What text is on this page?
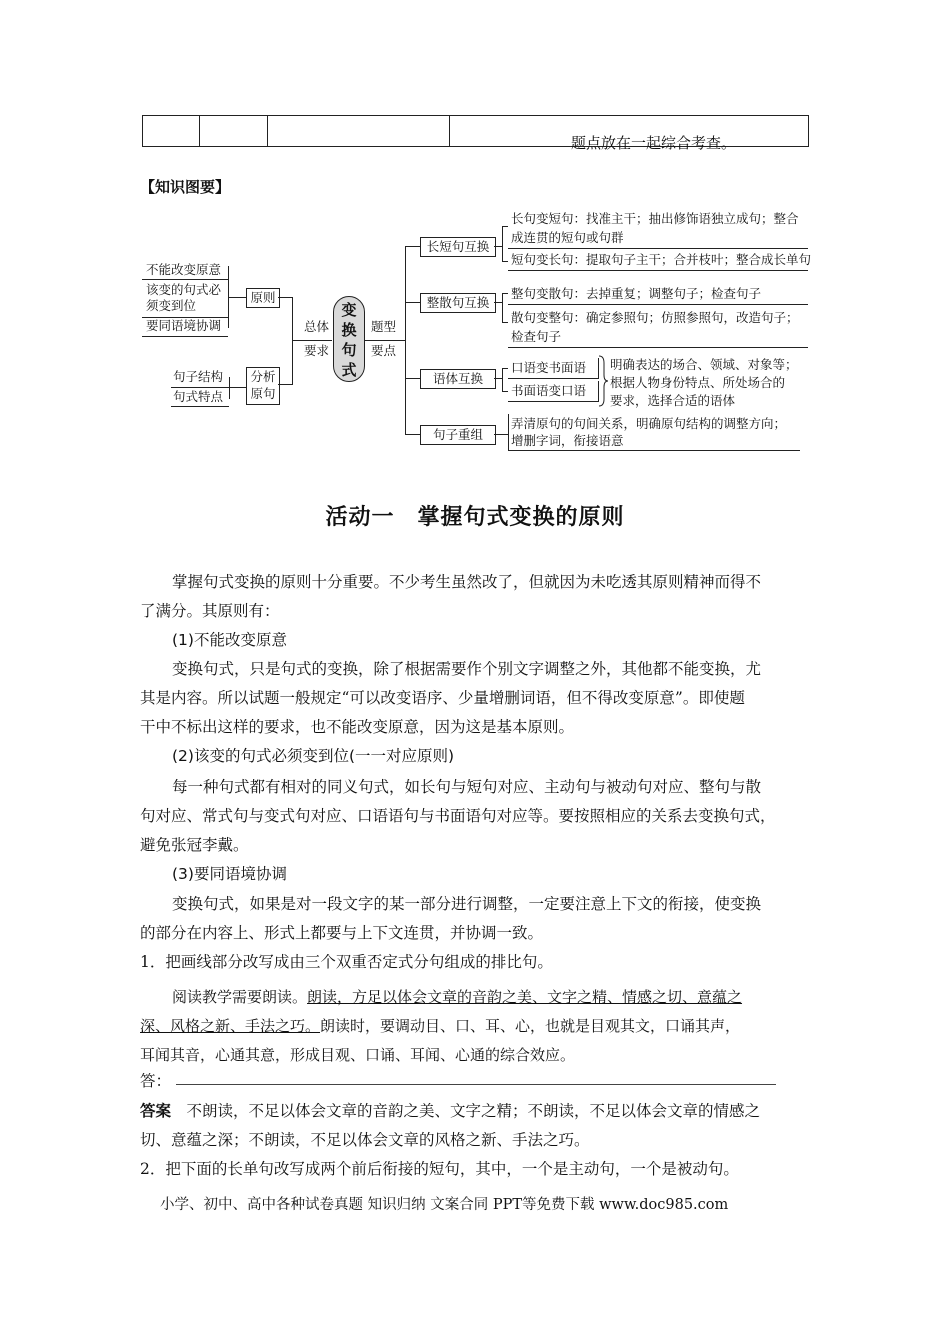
题点放在一起综合考查。
【知识图要】
不能改变原意
该变的句式必
须变到位
要同语境协调
原则
句子结构
句式特点
分析
原句
总体
要求
变
换
句
式
题型
要点
长短句互换
整散句互换
语体互换
句子重组
长句变短句：找准主干；抽出修饰语独立成句；整合
成连贯的短句或句群
短句变长句：提取句子主干；合并枝叶；整合成长单句
整句变散句：去掉重复；调整句子；检查句子
散句变整句：确定参照句；仿照参照句，改造句子；
检查句子
口语变书面语
书面语变口语
明确表达的场合、领域、对象等；
根据人物身份特点、所处场合的
要求，选择合适的语体
弄清原句的句间关系，明确原句结构的调整方向；
增删字词，衔接语意
活动一　掌握句式变换的原则
掌握句式变换的原则十分重要。不少考生虽然改了，但就因为未吃透其原则精神而得不
了满分。其原则有：
(1)不能改变原意
变换句式，只是句式的变换，除了根据需要作个别文字调整之外，其他都不能变换，尤
其是内容。所以试题一般规定“可以改变语序、少量增删词语，但不得改变原意”。即使题
干中不标出这样的要求，也不能改变原意，因为这是基本原则。
(2)该变的句式必须变到位(一一对应原则)
每一种句式都有相对的同义句式，如长句与短句对应、主动句与被动句对应、整句与散
句对应、常式句与变式句对应、口语语句与书面语句对应等。要按照相应的关系去变换句式，
避免张冠李戴。
(3)要同语境协调
变换句式，如果是对一段文字的某一部分进行调整，一定要注意上下文的衔接，使变换
的部分在内容上、形式上都要与上下文连贯，并协调一致。
1．把画线部分改写成由三个双重否定式分句组成的排比句。
阅读教学需要朗读。朗读，方足以体会文章的音韵之美、文字之精、情感之切、意蕴之
深、风格之新、手法之巧。朗读时，要调动目、口、耳、心，也就是目观其文，口诵其声，
耳闻其音，心通其意，形成目观、口诵、耳闻、心通的综合效应。
答：
答案　不朗读，不足以体会文章的音韵之美、文字之精；不朗读，不足以体会文章的情感之
切、意蕴之深；不朗读，不足以体会文章的风格之新、手法之巧。
2．把下面的长单句改写成两个前后衔接的短句，其中，一个是主动句，一个是被动句。
小学、初中、高中各种试卷真题 知识归纳 文案合同 PPT等免费下载 www.doc985.com
